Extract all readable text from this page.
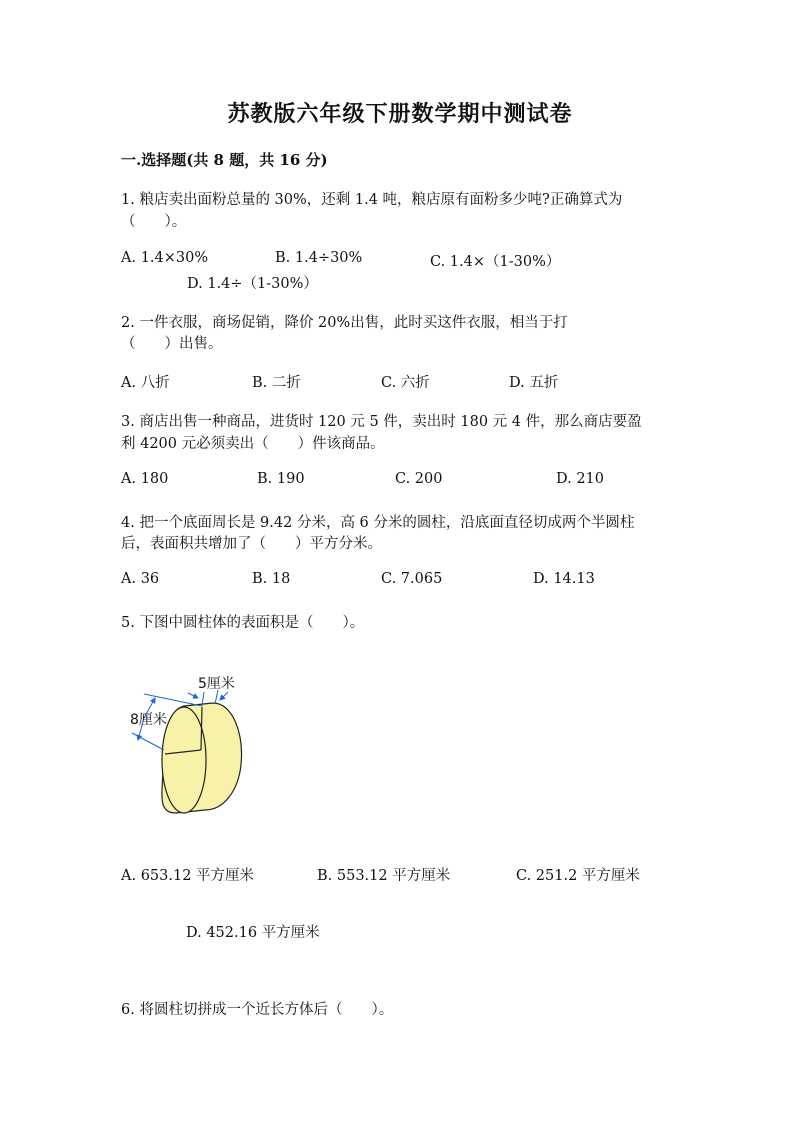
苏教版六年级下册数学期中测试卷
一.选择题(共 8 题，共 16 分)
1. 粮店卖出面粉总量的 30%，还剩 1.4 吨，粮店原有面粉多少吨?正确算式为
（　　）。
A. 1.4×30%	B. 1.4÷30%	C. 1.4×（1-30%）
D. 1.4÷（1-30%）
2. 一件衣服，商场促销，降价 20%出售，此时买这件衣服，相当于打
（　　）出售。
A. 八折	B. 二折	C. 六折	D. 五折
3. 商店出售一种商品，进货时 120 元 5 件，卖出时 180 元 4 件，那么商店要盈
利 4200 元必须卖出（　　）件该商品。
A. 180	B. 190	C. 200	D. 210
4. 把一个底面周长是 9.42 分米，高 6 分米的圆柱，沿底面直径切成两个半圆柱
后，表面积共增加了（　　）平方分米。
A. 36	B. 18	C. 7.065	D. 14.13
5. 下图中圆柱体的表面积是（　　）。
5厘米
8厘米
A. 653.12 平方厘米	B. 553.12 平方厘米	C. 251.2 平方厘米
D. 452.16 平方厘米
6. 将圆柱切拼成一个近长方体后（　　）。
